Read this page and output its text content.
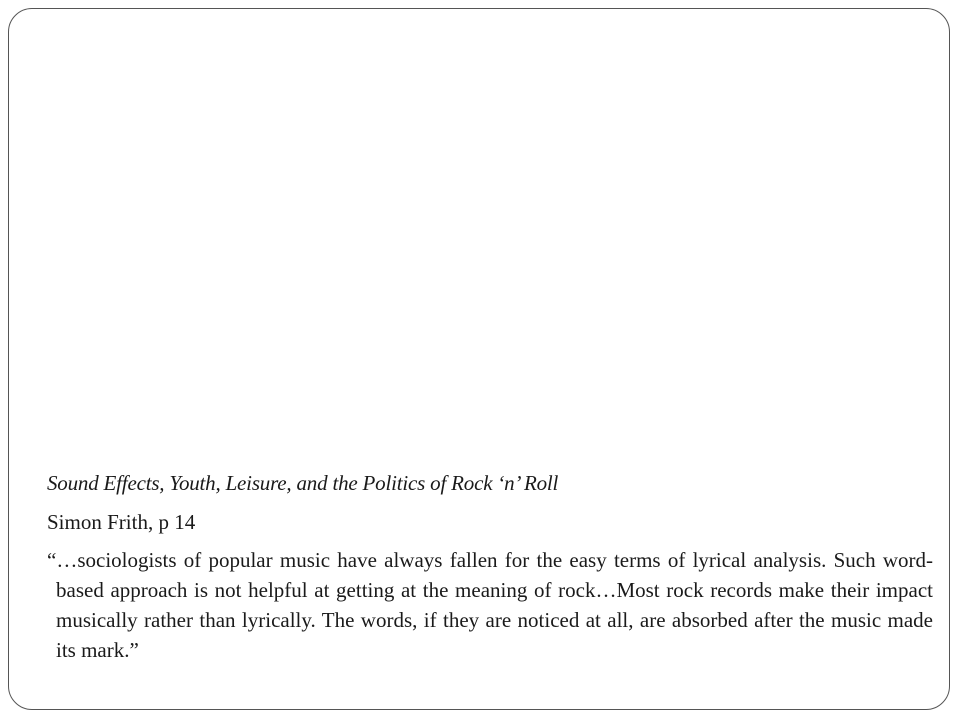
Sound Effects, Youth, Leisure, and the Politics of Rock ‘n’ Roll

Simon Frith, p 14

“…sociologists of popular music have always fallen for the easy terms of lyrical analysis. Such word-based approach is not helpful at getting at the meaning of rock…Most rock records make their impact musically rather than lyrically. The words, if they are noticed at all, are absorbed after the music made its mark.”
